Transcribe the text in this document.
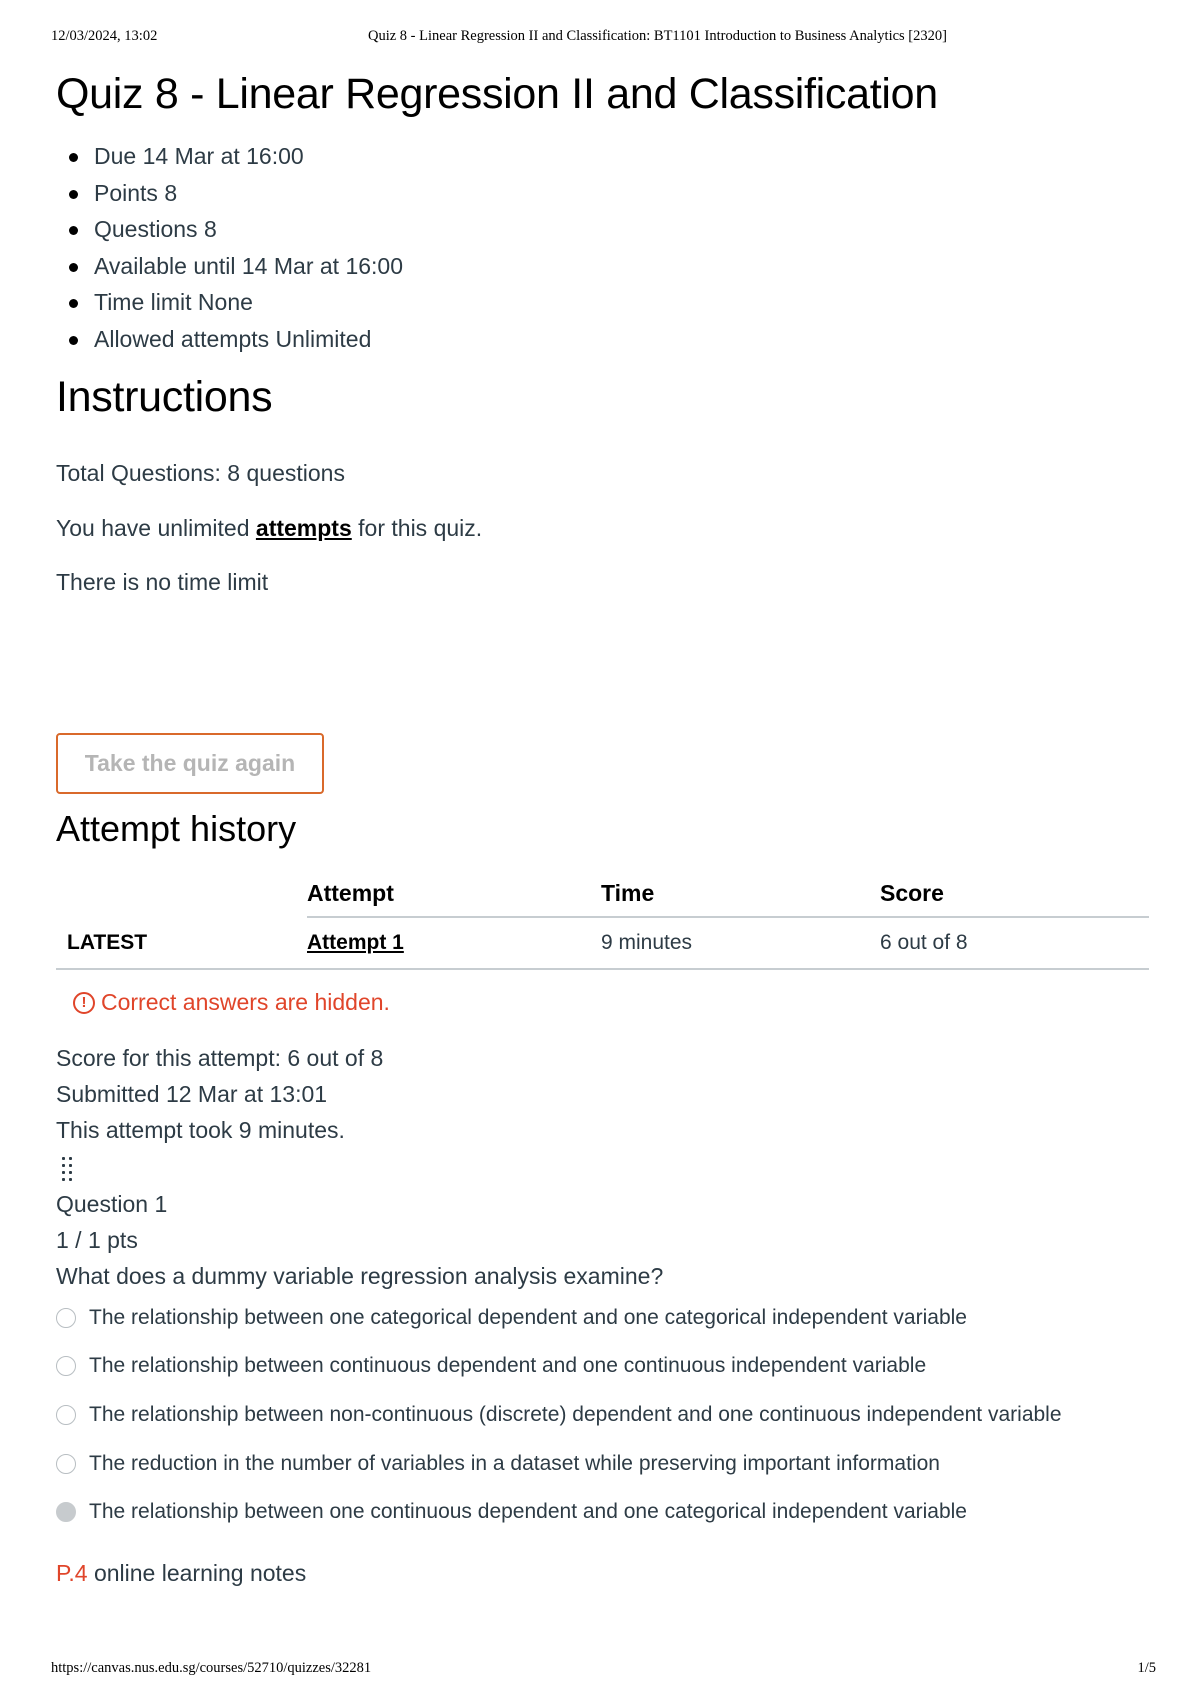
12/03/2024, 13:02	Quiz 8 - Linear Regression II and Classification: BT1101 Introduction to Business Analytics [2320]
Quiz 8 - Linear Regression II and Classification
Due 14 Mar at 16:00
Points 8
Questions 8
Available until 14 Mar at 16:00
Time limit None
Allowed attempts Unlimited
Instructions

Total Questions: 8 questions

You have unlimited attempts for this quiz.

There is no time limit

Take the quiz again
Attempt history
	Attempt	Time	Score
LATEST	Attempt 1	9 minutes	6 out of 8
! Correct answers are hidden.

Score for this attempt: 6 out of 8

Submitted 12 Mar at 13:01

This attempt took 9 minutes.

Question 1

1 / 1 pts

What does a dummy variable regression analysis examine?

The relationship between one categorical dependent and one categorical independent variable
The relationship between continuous dependent and one continuous independent variable
The relationship between non-continuous (discrete) dependent and one continuous independent variable
The reduction in the number of variables in a dataset while preserving important information
The relationship between one continuous dependent and one categorical independent variable
P.4 online learning notes
https://canvas.nus.edu.sg/courses/52710/quizzes/32281	1/5
